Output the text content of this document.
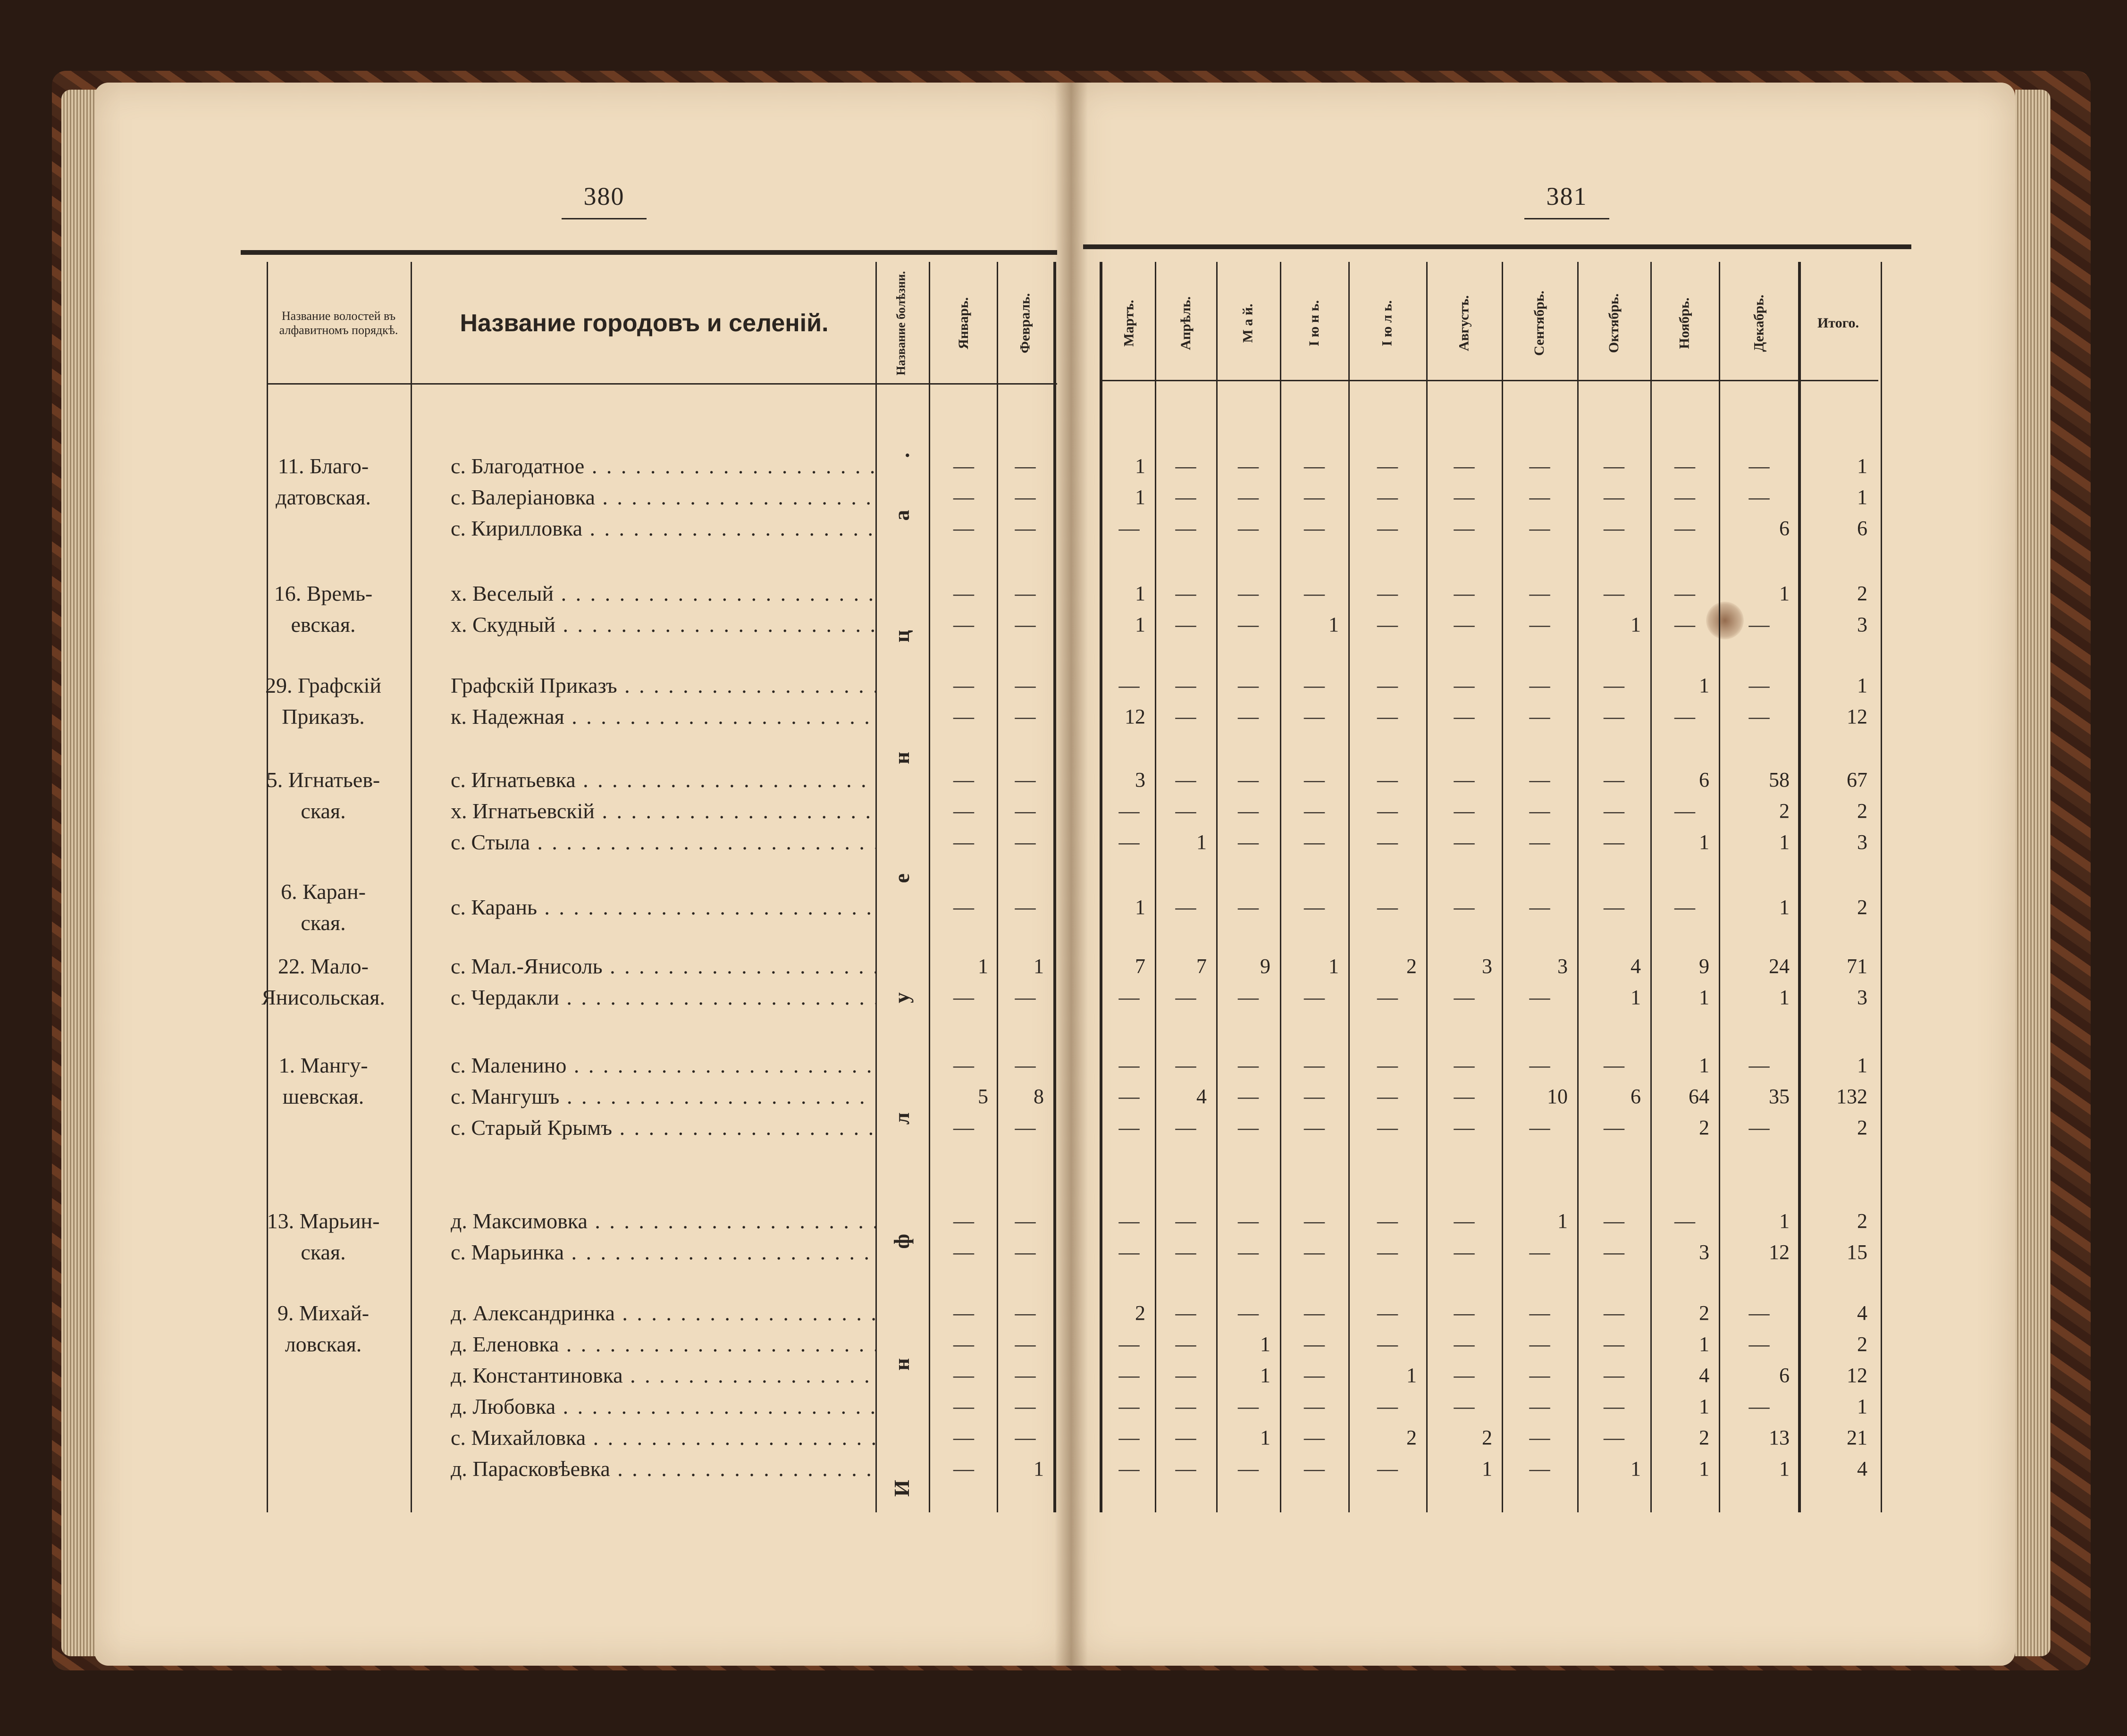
380	381
Название волостей въ алфавитномъ порядкѣ.	Название городовъ и селеній.	Название болѣзни.	Январь.	Февраль.	Мартъ.	Апрѣль.	М а й.	I ю н ь.	I ю л ь.	Августъ.	Сентябрь.	Октябрь.	Ноябрь.	Декабрь.	Итого.
И н ф л у е н ц а.
11. Благо-
датовская.
с. Благодатное . . .	—	—	1	—	—	—	—	—	—	—	—	—	1
с. Валеріановка . . .	—	—	1	—	—	—	—	—	—	—	—	—	1
с. Кирилловка . . .	—	—	—	—	—	—	—	—	—	—	—	6	6
16. Времь-
евская.
х. Веселый . . .	—	—	1	—	—	—	—	—	—	—	—	1	2
х. Скудный . . .	—	—	1	—	—	1	—	—	—	1	—	—	3
29. Графскій
Приказъ.
Графскій Приказъ . . .	—	—	—	—	—	—	—	—	—	—	1	—	1
к. Надежная . . .	—	—	12	—	—	—	—	—	—	—	—	—	12
5. Игнатьев-
ская.
с. Игнатьевка . . .	—	—	3	—	—	—	—	—	—	—	6	58	67
х. Игнатьевскій . . .	—	—	—	—	—	—	—	—	—	—	—	2	2
с. Стыла . . .	—	—	—	1	—	—	—	—	—	—	1	1	3
6. Каран-
ская.
с. Карань . . .	—	—	1	—	—	—	—	—	—	—	—	1	2
22. Мало-
Янисольская.
с. Мал.-Янисоль . . .	1	1	7	7	9	1	2	3	3	4	9	24	71
с. Чердакли . . .	—	—	—	—	—	—	—	—	—	1	1	1	3
1. Мангу-
шевская.
с. Маленино . . .	—	—	—	—	—	—	—	—	—	—	1	—	1
с. Мангушъ . . .	5	8	—	4	—	—	—	—	10	6	64	35	132
с. Старый Крымъ . . .	—	—	—	—	—	—	—	—	—	—	2	—	2
13. Марьин-
ская.
д. Максимовка . . .	—	—	—	—	—	—	—	—	1	—	—	1	2
с. Марьинка . . .	—	—	—	—	—	—	—	—	—	—	3	12	15
9. Михай-
ловская.
д. Александринка . . .	—	—	2	—	—	—	—	—	—	—	2	—	4
д. Еленовка . . .	—	—	—	—	1	—	—	—	—	—	1	—	2
д. Константиновка . . .	—	—	—	—	1	—	1	—	—	—	4	6	12
д. Любовка . . .	—	—	—	—	—	—	—	—	—	—	1	—	1
с. Михайловка . . .	—	—	—	—	1	—	2	2	—	—	2	13	21
д. Парасковѣевка . . .	—	1	—	—	—	—	—	1	—	1	1	1	4
